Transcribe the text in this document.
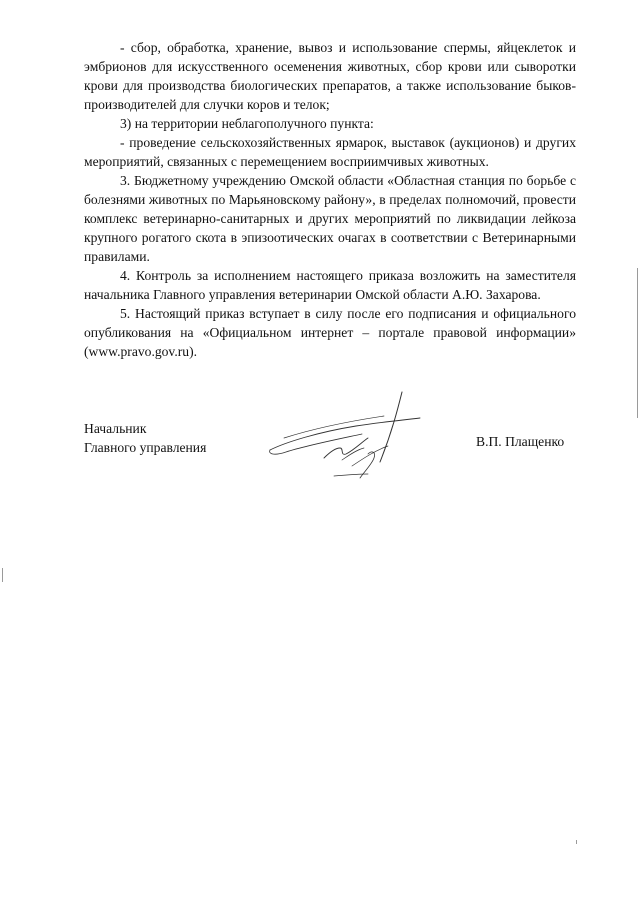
- сбор, обработка, хранение, вывоз и использование спермы, яйцеклеток и эмбрионов для искусственного осеменения животных, сбор крови или сыворотки крови для производства биологических препаратов, а также использование быков-производителей для случки коров и телок;

3) на территории неблагополучного пункта:

- проведение сельскохозяйственных ярмарок, выставок (аукционов) и других мероприятий, связанных с перемещением восприимчивых животных.

3. Бюджетному учреждению Омской области «Областная станция по борьбе с болезнями животных по Марьяновскому району», в пределах полномочий, провести комплекс ветеринарно-санитарных и других мероприятий по ликвидации лейкоза крупного рогатого скота в эпизоотических очагах в соответствии с Ветеринарными правилами.

4. Контроль за исполнением настоящего приказа возложить на заместителя начальника Главного управления ветеринарии Омской области А.Ю. Захарова.

5. Настоящий приказ вступает в силу после его подписания и официального опубликования на «Официальном интернет – портале правовой информации» (www.pravo.gov.ru).

Начальник
Главного управления	В.П. Плащенко
